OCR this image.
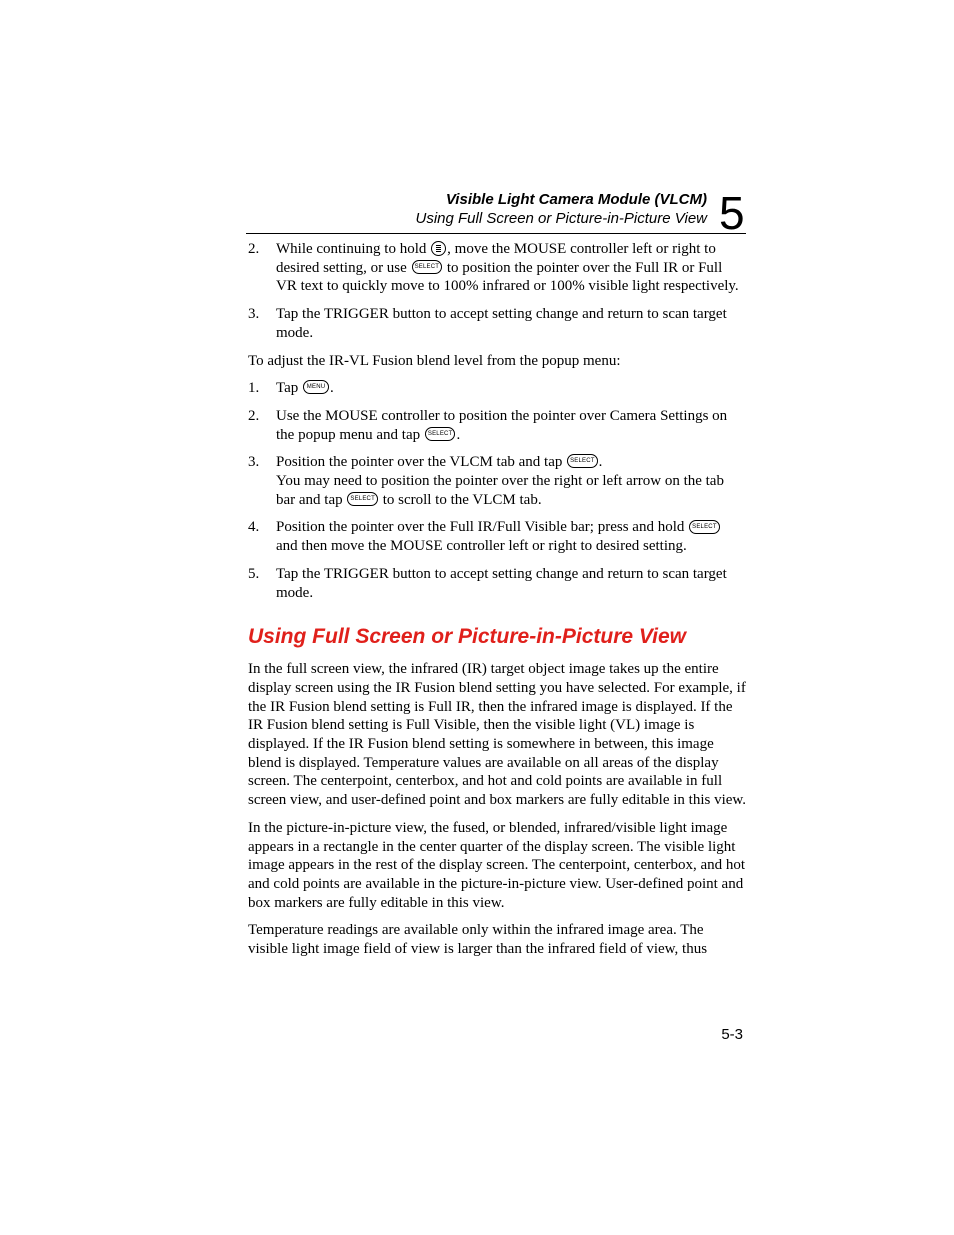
Visible Light Camera Module (VLCM)
Using Full Screen or Picture-in-Picture View 5
2. While continuing to hold , move the MOUSE controller left or right to desired setting, or use SELECT to position the pointer over the Full IR or Full VR text to quickly move to 100% infrared or 100% visible light respectively.
3. Tap the TRIGGER button to accept setting change and return to scan target mode.

To adjust the IR-VL Fusion blend level from the popup menu:

1. Tap MENU .
2. Use the MOUSE controller to position the pointer over Camera Settings on the popup menu and tap SELECT .
3. Position the pointer over the VLCM tab and tap SELECT .
You may need to position the pointer over the right or left arrow on the tab bar and tap SELECT to scroll to the VLCM tab.
4. Position the pointer over the Full IR/Full Visible bar; press and hold SELECT and then move the MOUSE controller left or right to desired setting.
5. Tap the TRIGGER button to accept setting change and return to scan target mode.
Using Full Screen or Picture-in-Picture View

In the full screen view, the infrared (IR) target object image takes up the entire display screen using the IR Fusion blend setting you have selected. For example, if the IR Fusion blend setting is Full IR, then the infrared image is displayed. If the IR Fusion blend setting is Full Visible, then the visible light (VL) image is displayed. If the IR Fusion blend setting is somewhere in between, this image blend is displayed. Temperature values are available on all areas of the display screen. The centerpoint, centerbox, and hot and cold points are available in full screen view, and user-defined point and box markers are fully editable in this view.

In the picture-in-picture view, the fused, or blended, infrared/visible light image appears in a rectangle in the center quarter of the display screen. The visible light image appears in the rest of the display screen. The centerpoint, centerbox, and hot and cold points are available in the picture-in-picture view. User-defined point and box markers are fully editable in this view.

Temperature readings are available only within the infrared image area. The visible light image field of view is larger than the infrared field of view, thus

5-3
